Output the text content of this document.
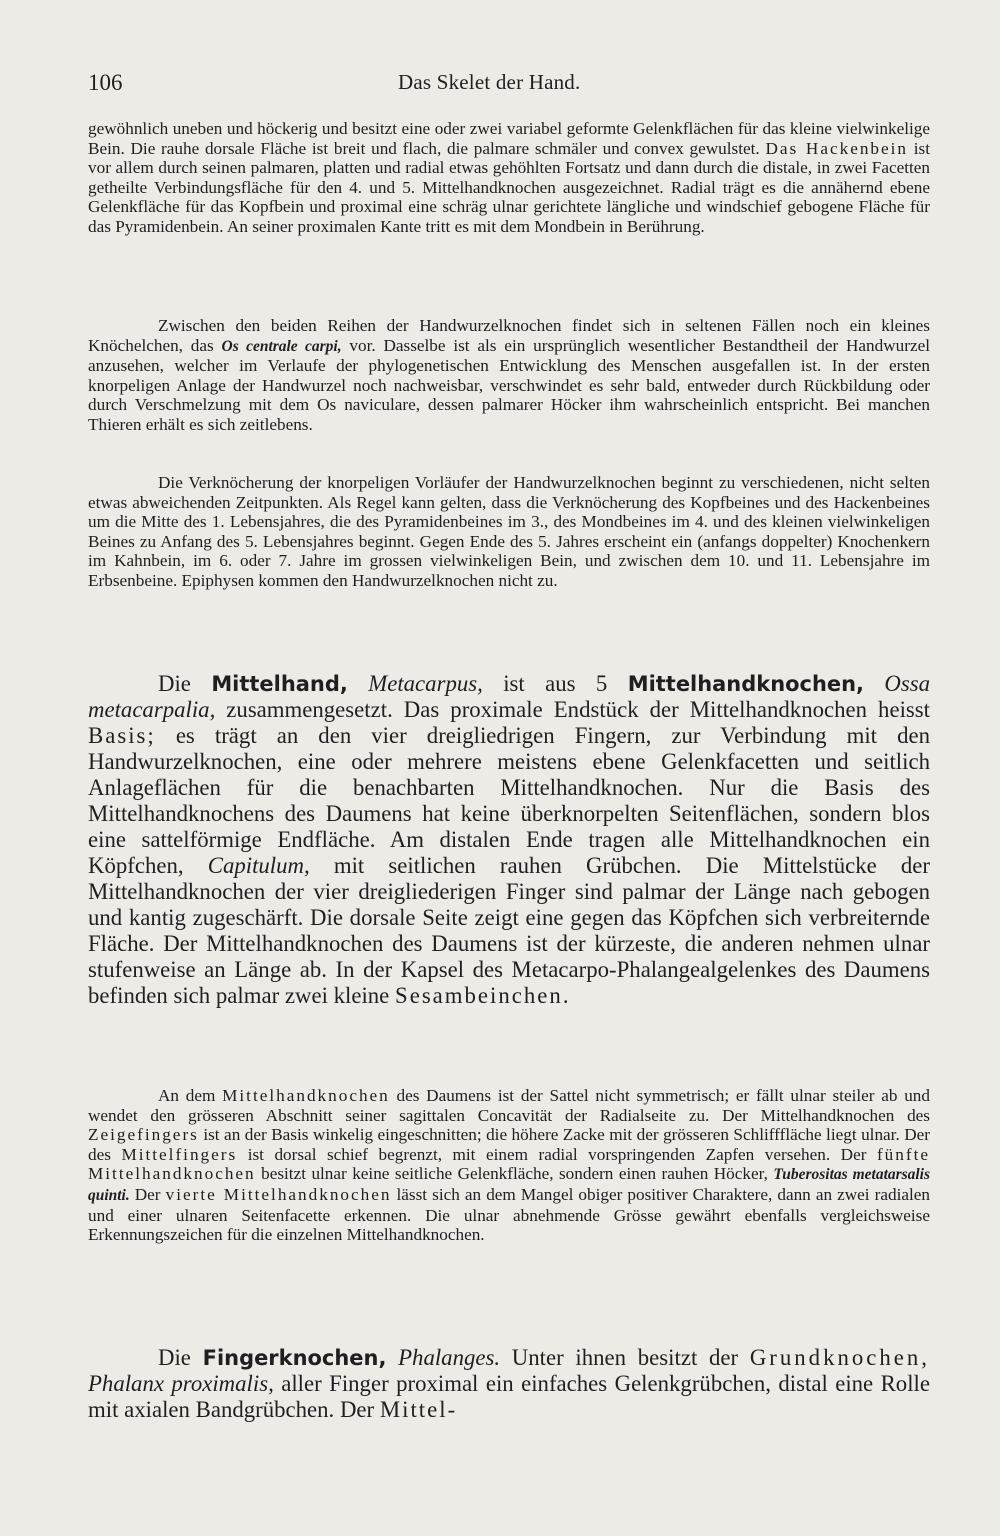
106	Das Skelet der Hand.

gewöhnlich uneben und höckerig und besitzt eine oder zwei variabel geformte Gelenkflächen für das kleine vielwinkelige Bein. Die rauhe dorsale Fläche ist breit und flach, die palmare schmäler und convex gewulstet. Das Hackenbein ist vor allem durch seinen palmaren, platten und radial etwas gehöhlten Fortsatz und dann durch die distale, in zwei Facetten getheilte Verbindungsfläche für den 4. und 5. Mittelhandknochen ausgezeichnet. Radial trägt es die annähernd ebene Gelenkfläche für das Kopfbein und proximal eine schräg ulnar gerichtete längliche und windschief gebogene Fläche für das Pyramidenbein. An seiner proximalen Kante tritt es mit dem Mondbein in Berührung.

Zwischen den beiden Reihen der Handwurzelknochen findet sich in seltenen Fällen noch ein kleines Knöchelchen, das Os centrale carpi, vor. Dasselbe ist als ein ursprünglich wesentlicher Bestandtheil der Handwurzel anzusehen, welcher im Verlaufe der phylogenetischen Entwicklung des Menschen ausgefallen ist. In der ersten knorpeligen Anlage der Handwurzel noch nachweisbar, verschwindet es sehr bald, entweder durch Rückbildung oder durch Verschmelzung mit dem Os naviculare, dessen palmarer Höcker ihm wahrscheinlich entspricht. Bei manchen Thieren erhält es sich zeitlebens.

Die Verknöcherung der knorpeligen Vorläufer der Handwurzelknochen beginnt zu verschiedenen, nicht selten etwas abweichenden Zeitpunkten. Als Regel kann gelten, dass die Verknöcherung des Kopfbeines und des Hackenbeines um die Mitte des 1. Lebensjahres, die des Pyramidenbeines im 3., des Mondbeines im 4. und des kleinen vielwinkeligen Beines zu Anfang des 5. Lebensjahres beginnt. Gegen Ende des 5. Jahres erscheint ein (anfangs doppelter) Knochenkern im Kahnbein, im 6. oder 7. Jahre im grossen vielwinkeligen Bein, und zwischen dem 10. und 11. Lebensjahre im Erbsenbeine. Epiphysen kommen den Handwurzelknochen nicht zu.

Die Mittelhand, Metacarpus, ist aus 5 Mittelhandknochen, Ossa metacarpalia, zusammengesetzt. Das proximale Endstück der Mittelhandknochen heisst Basis; es trägt an den vier dreigliedrigen Fingern, zur Verbindung mit den Handwurzelknochen, eine oder mehrere meistens ebene Gelenkfacetten und seitlich Anlageflächen für die benachbarten Mittelhandknochen. Nur die Basis des Mittelhandknochens des Daumens hat keine überknorpelten Seitenflächen, sondern blos eine sattelförmige Endfläche. Am distalen Ende tragen alle Mittelhandknochen ein Köpfchen, Capitulum, mit seitlichen rauhen Grübchen. Die Mittelstücke der Mittelhandknochen der vier dreigliederigen Finger sind palmar der Länge nach gebogen und kantig zugeschärft. Die dorsale Seite zeigt eine gegen das Köpfchen sich verbreiternde Fläche. Der Mittelhandknochen des Daumens ist der kürzeste, die anderen nehmen ulnar stufenweise an Länge ab. In der Kapsel des Metacarpo-Phalangealgelenkes des Daumens befinden sich palmar zwei kleine Sesambeinchen.

An dem Mittelhandknochen des Daumens ist der Sattel nicht symmetrisch; er fällt ulnar steiler ab und wendet den grösseren Abschnitt seiner sagittalen Concavität der Radialseite zu. Der Mittelhandknochen des Zeigefingers ist an der Basis winkelig eingeschnitten; die höhere Zacke mit der grösseren Schlifffläche liegt ulnar. Der des Mittelfingers ist dorsal schief begrenzt, mit einem radial vorspringenden Zapfen versehen. Der fünfte Mittelhandknochen besitzt ulnar keine seitliche Gelenkfläche, sondern einen rauhen Höcker, Tuberositas metatarsalis quinti. Der vierte Mittelhandknochen lässt sich an dem Mangel obiger positiver Charaktere, dann an zwei radialen und einer ulnaren Seitenfacette erkennen. Die ulnar abnehmende Grösse gewährt ebenfalls vergleichsweise Erkennungszeichen für die einzelnen Mittelhandknochen.

Die Fingerknochen, Phalanges. Unter ihnen besitzt der Grundknochen, Phalanx proximalis, aller Finger proximal ein einfaches Gelenkgrübchen, distal eine Rolle mit axialen Bandgrübchen. Der Mittel-
